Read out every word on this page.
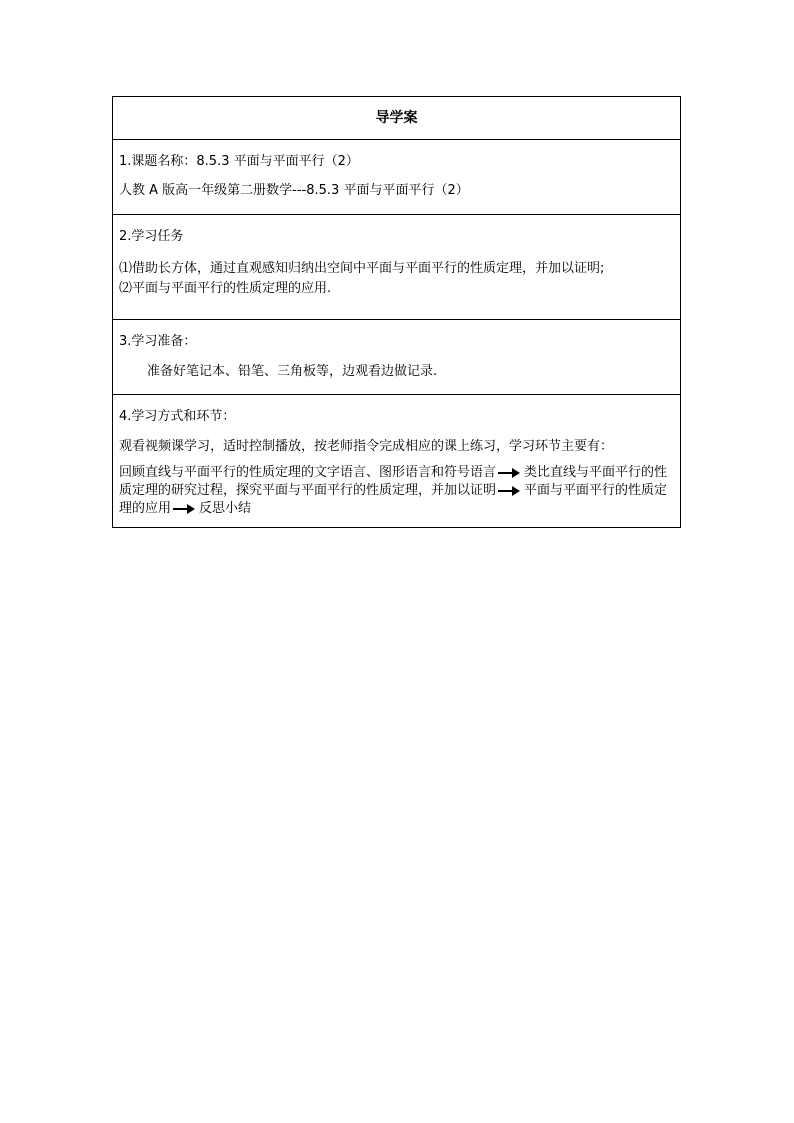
导学案

1.课题名称：8.5.3 平面与平面平行（2）

人教 A 版高一年级第二册数学---8.5.3 平面与平面平行（2）

2.学习任务

⑴借助长方体，通过直观感知归纳出空间中平面与平面平行的性质定理，并加以证明;

⑵平面与平面平行的性质定理的应用.

3.学习准备：

准备好笔记本、铅笔、三角板等，边观看边做记录.

4.学习方式和环节：

观看视频课学习，适时控制播放，按老师指令完成相应的课上练习，学习环节主要有：

回顾直线与平面平行的性质定理的文字语言、图形语言和符号语言 类比直线与平面平行的性质定理的研究过程，探究平面与平面平行的性质定理，并加以证明 平面与平面平行的性质定理的应用 反思小结
